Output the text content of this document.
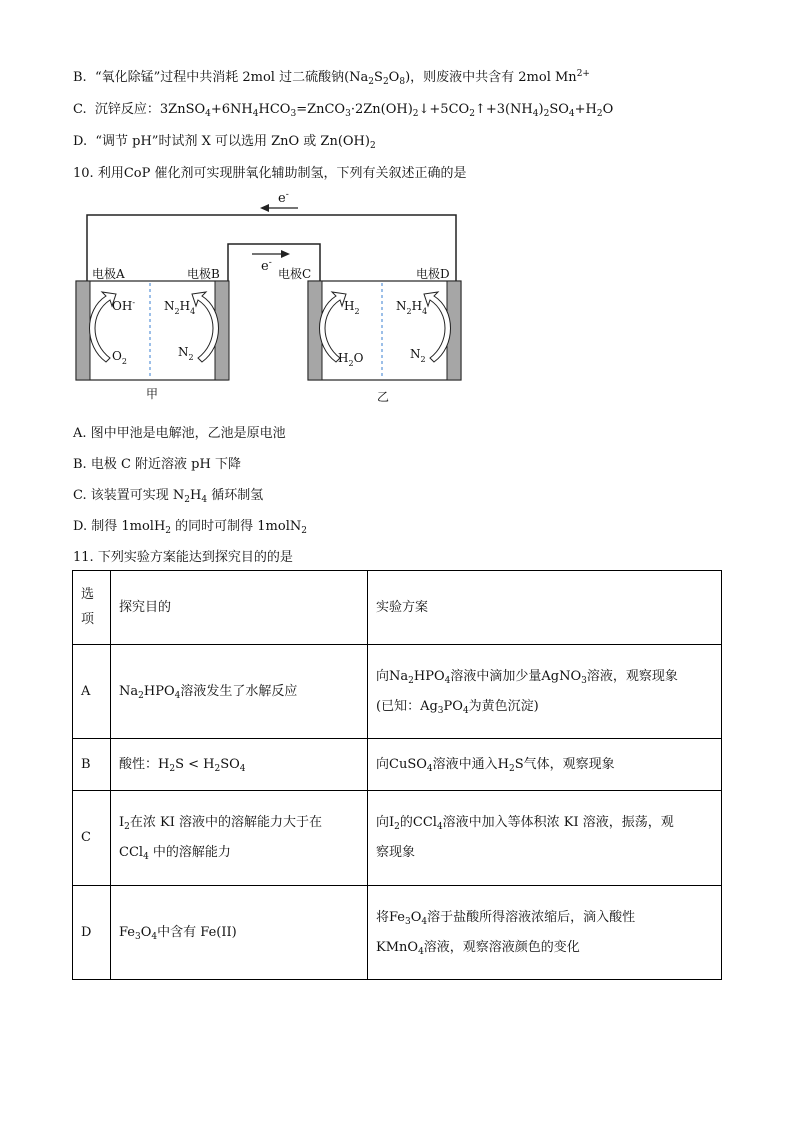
B. “氧化除锰”过程中共消耗 2mol 过二硫酸钠$(Na_2S_2O_8)$，则废液中共含有 2mol $Mn^{2+}$
C. 沉锌反应：$3ZnSO_4+6NH_4HCO_3=ZnCO_3\cdot 2Zn(OH)_2↓+5CO_2↑+3(NH_4)_2SO_4+H_2O$
D. “调节 pH”时试剂 X 可以选用 ZnO 或 $Zn(OH)_2$
10. 利用CoP 催化剂可实现肼氧化辅助制氢，下列有关叙述正确的是
e-
e-
电极A	电极B	电极C	电极D
OH-
$O_2$
$N_2H_4$
$N_2$
$H_2$
$H_2O$
$N_2H_4$
$N_2$
甲	乙
A. 图中甲池是电解池，乙池是原电池
B. 电极 C 附近溶液 pH 下降
C. 该装置可实现 $N_2H_4$ 循环制氢
D. 制得 1molH$_2$ 的同时可制得 1molN$_2$
11. 下列实验方案能达到探究目的的是
选项	探究目的	实验方案
A	$Na_2HPO_4$溶液发生了水解反应	向$Na_2HPO_4$溶液中滴加少量AgNO$_3$溶液，观察现象
(已知：$Ag_3PO_4$为黄色沉淀)
B	酸性：$H_2S < H_2SO_4$	向CuSO$_4$溶液中通入$H_2S$气体，观察现象
C	$I_2$在浓 KI 溶液中的溶解能力大于在
CCl$_4$ 中的溶解能力	向$I_2$的CCl$_4$溶液中加入等体积浓 KI 溶液，振荡，观
察现象
D	$Fe_3O_4$中含有 Fe(II)	将$Fe_3O_4$溶于盐酸所得溶液浓缩后，滴入酸性
KMnO$_4$溶液，观察溶液颜色的变化
